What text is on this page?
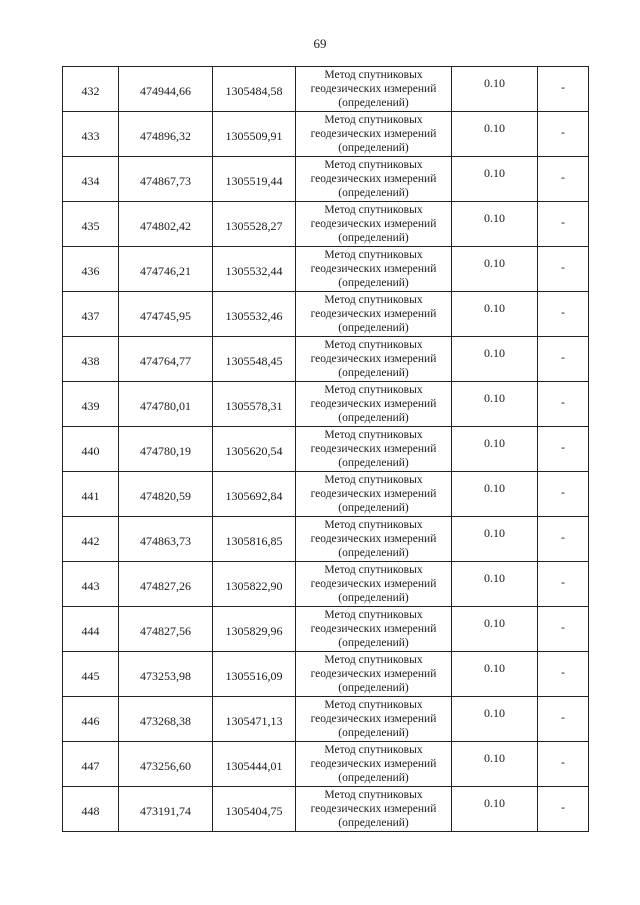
69
432	474944,66	1305484,58	Метод спутниковых
геодезических измерений
(определений)	0.10	-
433	474896,32	1305509,91	Метод спутниковых
геодезических измерений
(определений)	0.10	-
434	474867,73	1305519,44	Метод спутниковых
геодезических измерений
(определений)	0.10	-
435	474802,42	1305528,27	Метод спутниковых
геодезических измерений
(определений)	0.10	-
436	474746,21	1305532,44	Метод спутниковых
геодезических измерений
(определений)	0.10	-
437	474745,95	1305532,46	Метод спутниковых
геодезических измерений
(определений)	0.10	-
438	474764,77	1305548,45	Метод спутниковых
геодезических измерений
(определений)	0.10	-
439	474780,01	1305578,31	Метод спутниковых
геодезических измерений
(определений)	0.10	-
440	474780,19	1305620,54	Метод спутниковых
геодезических измерений
(определений)	0.10	-
441	474820,59	1305692,84	Метод спутниковых
геодезических измерений
(определений)	0.10	-
442	474863,73	1305816,85	Метод спутниковых
геодезических измерений
(определений)	0.10	-
443	474827,26	1305822,90	Метод спутниковых
геодезических измерений
(определений)	0.10	-
444	474827,56	1305829,96	Метод спутниковых
геодезических измерений
(определений)	0.10	-
445	473253,98	1305516,09	Метод спутниковых
геодезических измерений
(определений)	0.10	-
446	473268,38	1305471,13	Метод спутниковых
геодезических измерений
(определений)	0.10	-
447	473256,60	1305444,01	Метод спутниковых
геодезических измерений
(определений)	0.10	-
448	473191,74	1305404,75	Метод спутниковых
геодезических измерений
(определений)	0.10	-
